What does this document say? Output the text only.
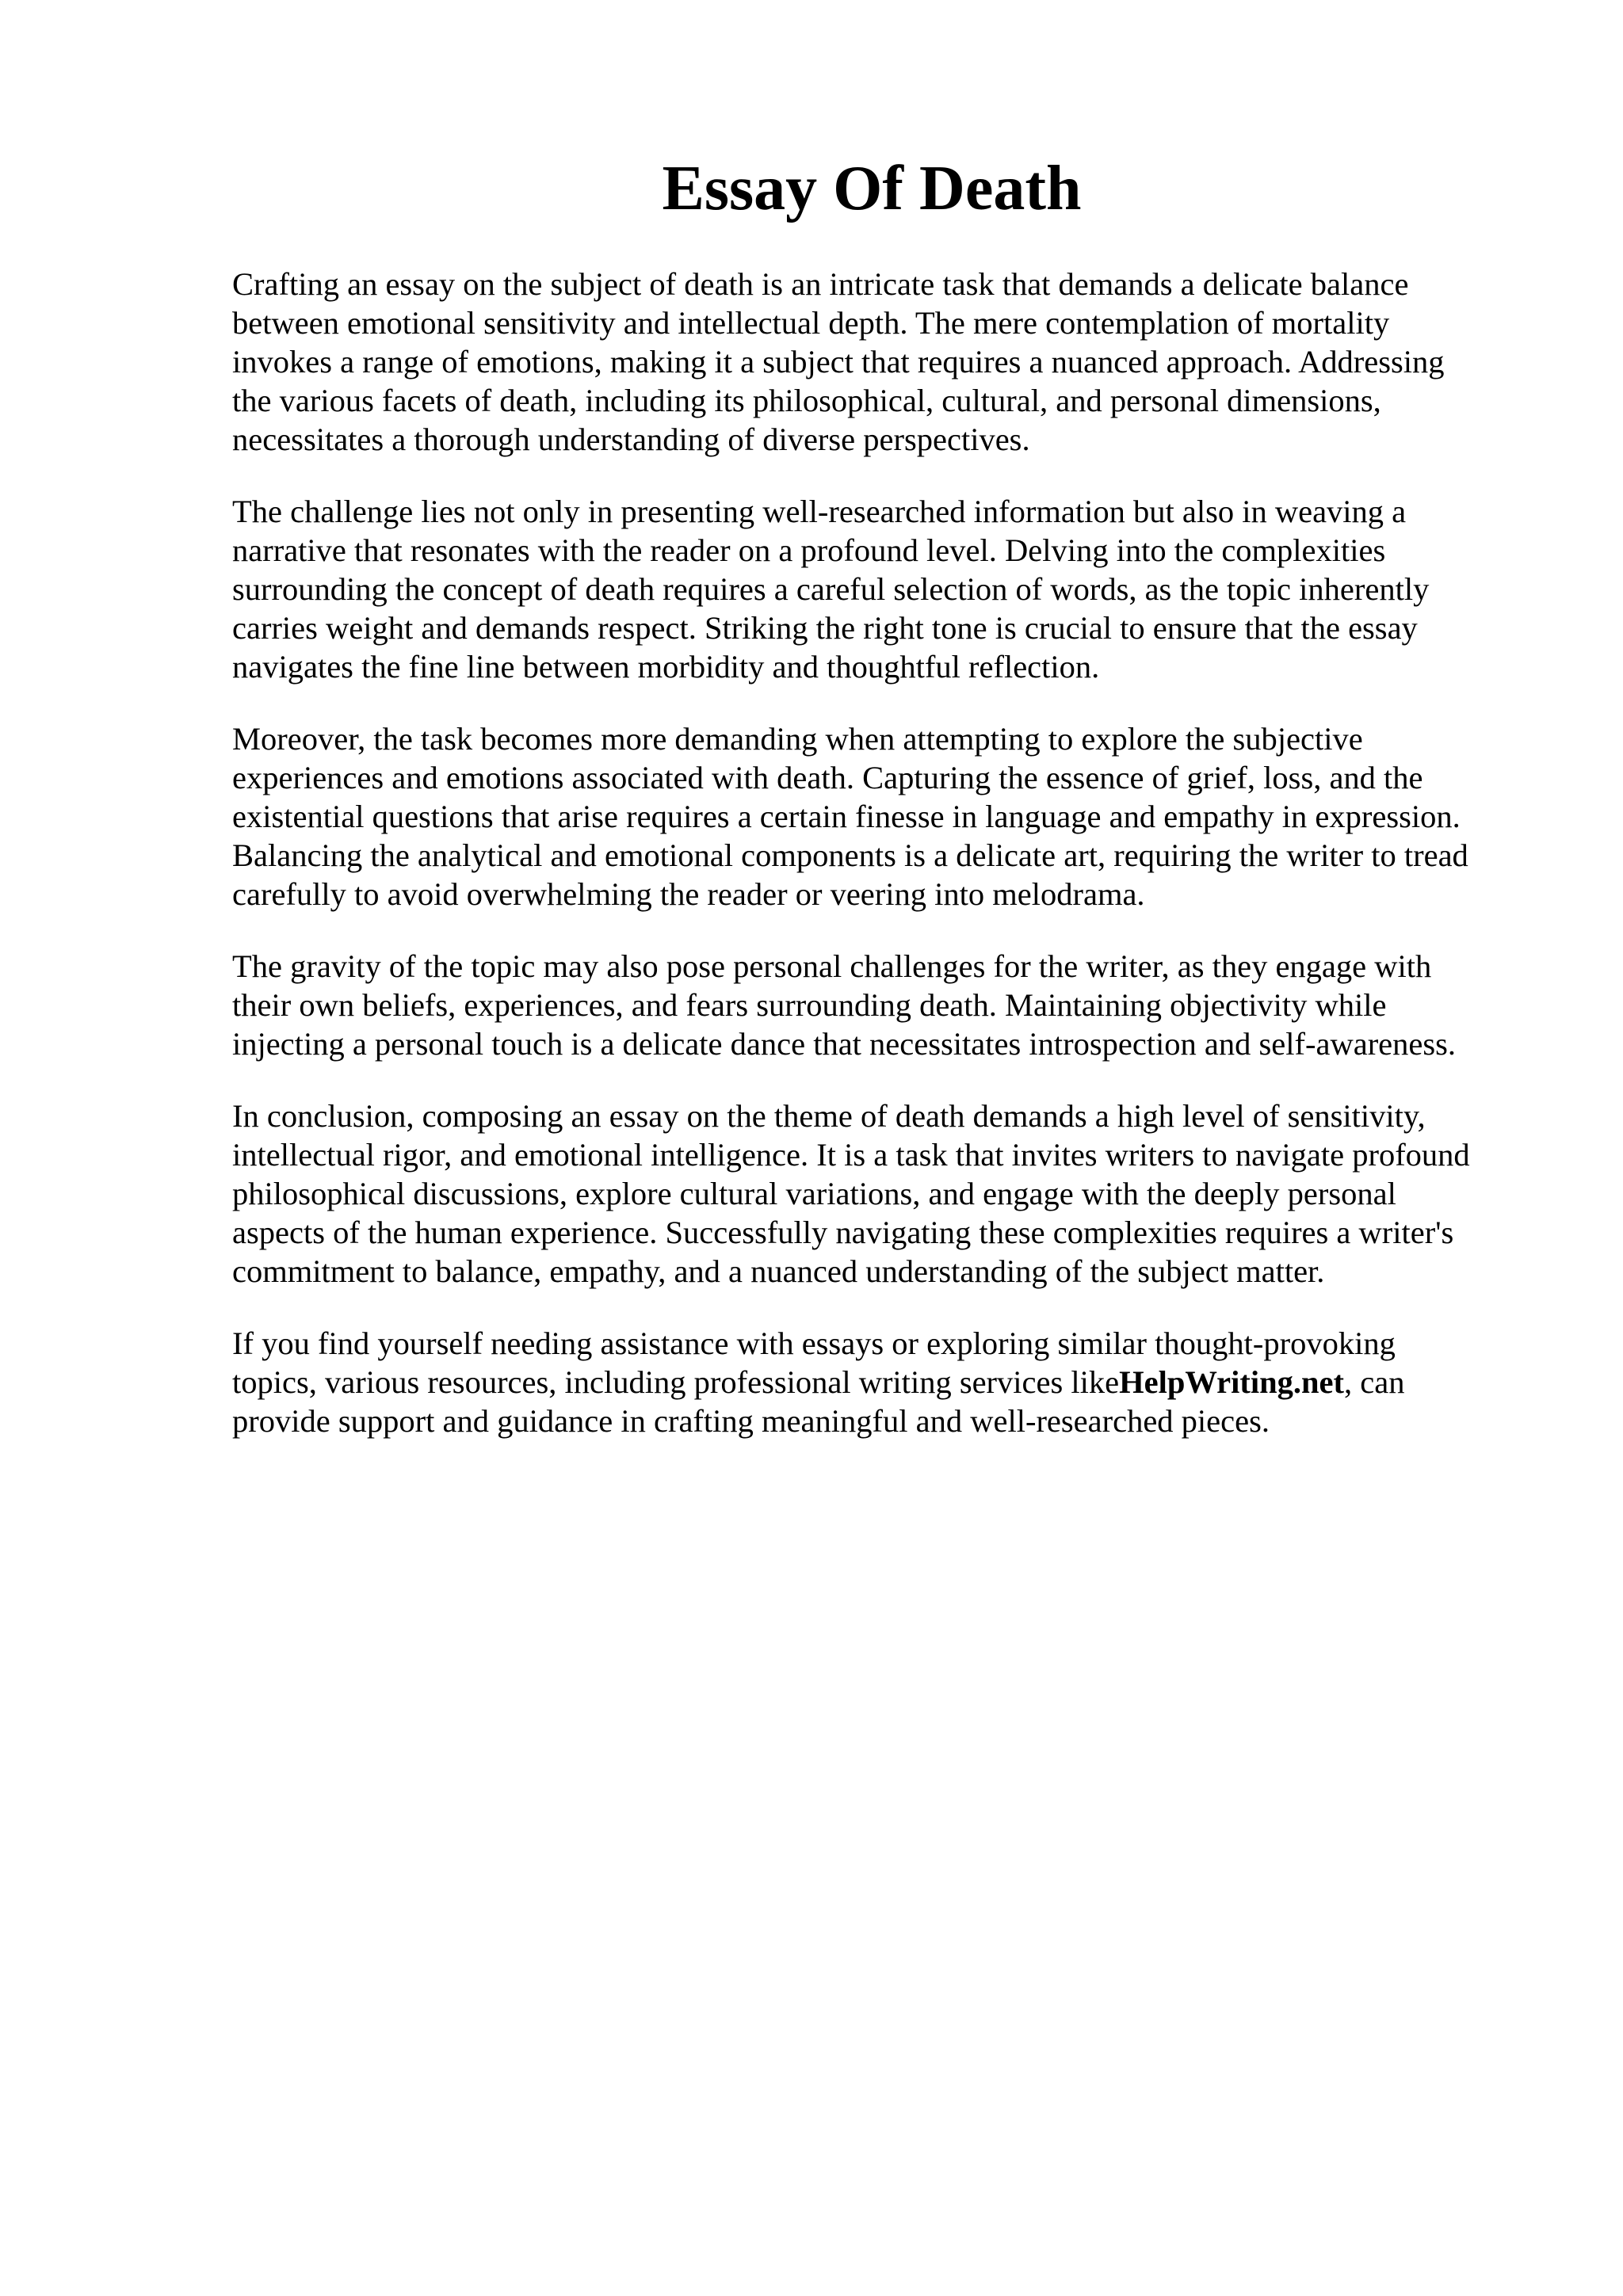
Essay Of Death

Crafting an essay on the subject of death is an intricate task that demands a delicate balance
between emotional sensitivity and intellectual depth. The mere contemplation of mortality
invokes a range of emotions, making it a subject that requires a nuanced approach. Addressing
the various facets of death, including its philosophical, cultural, and personal dimensions,
necessitates a thorough understanding of diverse perspectives.

The challenge lies not only in presenting well-researched information but also in weaving a
narrative that resonates with the reader on a profound level. Delving into the complexities
surrounding the concept of death requires a careful selection of words, as the topic inherently
carries weight and demands respect. Striking the right tone is crucial to ensure that the essay
navigates the fine line between morbidity and thoughtful reflection.

Moreover, the task becomes more demanding when attempting to explore the subjective
experiences and emotions associated with death. Capturing the essence of grief, loss, and the
existential questions that arise requires a certain finesse in language and empathy in expression.
Balancing the analytical and emotional components is a delicate art, requiring the writer to tread
carefully to avoid overwhelming the reader or veering into melodrama.

The gravity of the topic may also pose personal challenges for the writer, as they engage with
their own beliefs, experiences, and fears surrounding death. Maintaining objectivity while
injecting a personal touch is a delicate dance that necessitates introspection and self-awareness.

In conclusion, composing an essay on the theme of death demands a high level of sensitivity,
intellectual rigor, and emotional intelligence. It is a task that invites writers to navigate profound
philosophical discussions, explore cultural variations, and engage with the deeply personal
aspects of the human experience. Successfully navigating these complexities requires a writer's
commitment to balance, empathy, and a nuanced understanding of the subject matter.

If you find yourself needing assistance with essays or exploring similar thought-provoking
topics, various resources, including professional writing services likeHelpWriting.net, can
provide support and guidance in crafting meaningful and well-researched pieces.
